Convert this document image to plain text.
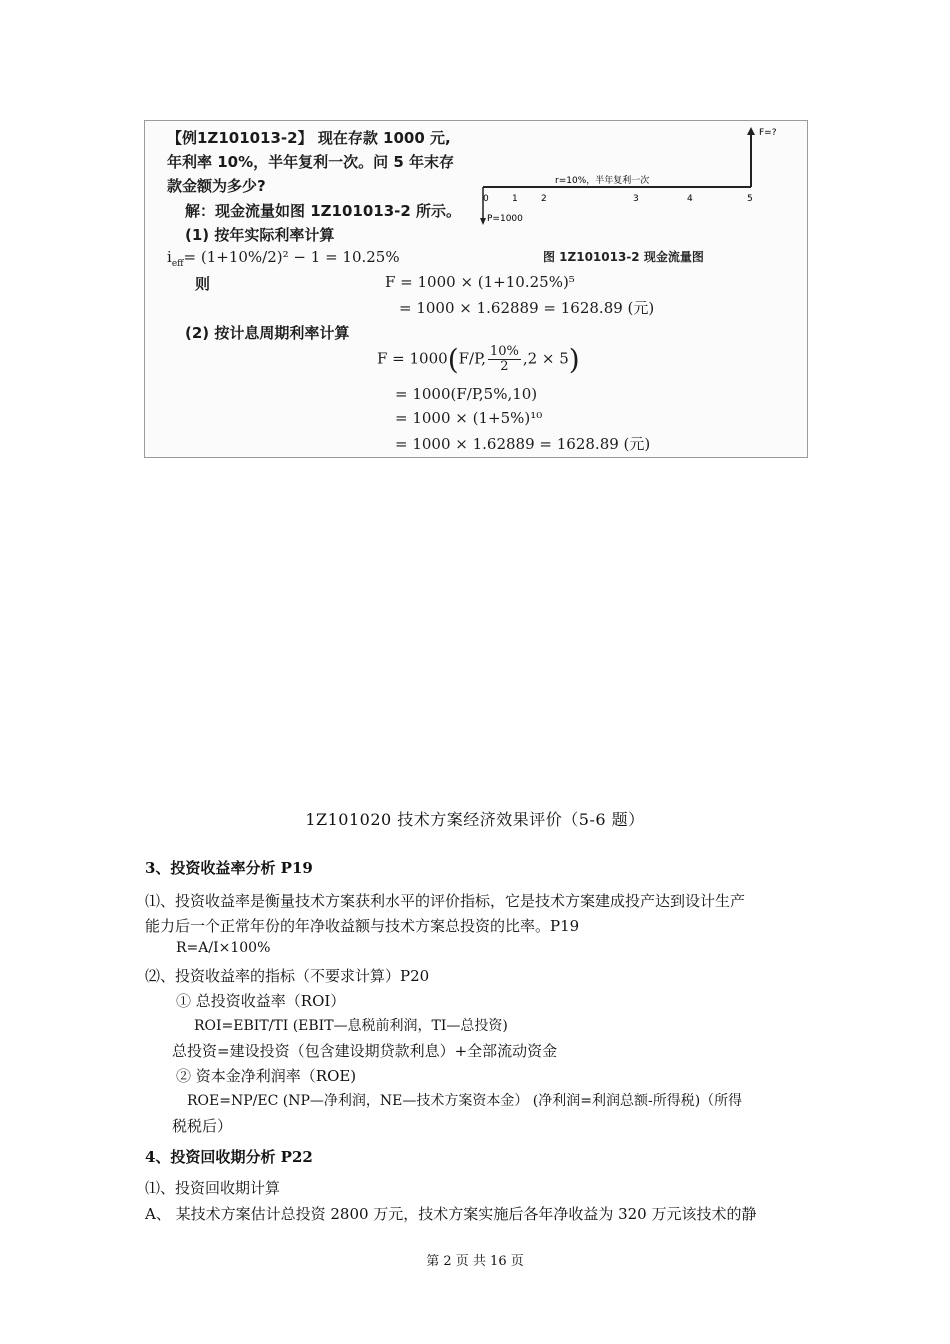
【例1Z101013-2】 现在存款 1000 元,
年利率 10%，半年复利一次。问 5 年末存
款金额为多少?
解：现金流量如图 1Z101013-2 所示。
(1) 按年实际利率计算
$i_{eff}= (1+10\%/2)^2 - 1 = 10.25\%$
则	F = 1000 × (1+10.25%)⁵
= 1000 × 1.62889 = 1628.89 (元)
(2) 按计息周期利率计算
F = 1000(F/P, $\frac{10\%}{2} ,2 \times 5$)
= 1000(F/P,5%,10)
= 1000 × (1+5%)¹⁰
= 1000 × 1.62889 = 1628.89 (元)
F=?
r=10%，半年复利一次
P=1000
0	1	2	3	4	5
图 1Z101013-2 现金流量图
1Z101020 技术方案经济效果评价（5-6 题）
3、投资收益率分析 P19
⑴、投资收益率是衡量技术方案获利水平的评价指标，它是技术方案建成投产达到设计生产
能力后一个正常年份的年净收益额与技术方案总投资的比率。P19
R=A/I×100%
⑵、投资收益率的指标（不要求计算）P20
① 总投资收益率（ROI）
ROI=EBIT/TI (EBIT—息税前利润，TI—总投资)
总投资=建设投资（包含建设期贷款利息）+全部流动资金
② 资本金净利润率（ROE)
ROE=NP/EC (NP—净利润，NE—技术方案资本金） (净利润=利润总额-所得税)（所得
税税后）
4、投资回收期分析 P22
⑴、投资回收期计算
A、 某技术方案估计总投资 2800 万元，技术方案实施后各年净收益为 320 万元该技术的静
第 2 页 共 16 页
